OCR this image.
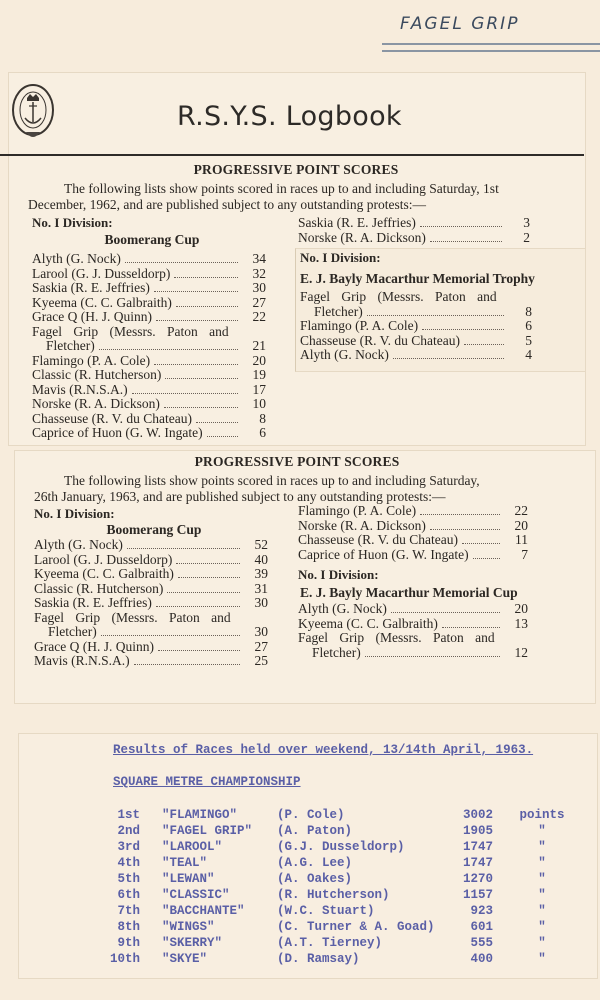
FAGEL GRIP
R.S.Y.S. Logbook
PROGRESSIVE POINT SCORES
The following lists show points scored in races up to and including Saturday, 1st
December, 1962, and are published subject to any outstanding protests:—
No. I Division:
Boomerang Cup
Alyth (G. Nock)	34
Larool (G. J. Dusseldorp)	32
Saskia (R. E. Jeffries)	30
Kyeema (C. C. Galbraith)	27
Grace Q (H. J. Quinn)	22
Fagel Grip (Messrs. Paton and
Fletcher)	21
Flamingo (P. A. Cole)	20
Classic (R. Hutcherson)	19
Mavis (R.N.S.A.)	17
Norske (R. A. Dickson)	10
Chasseuse (R. V. du Chateau)	8
Caprice of Huon (G. W. Ingate)	6
Saskia (R. E. Jeffries)	3
Norske (R. A. Dickson)	2
No. I Division:
E. J. Bayly Macarthur Memorial Trophy
Fagel Grip (Messrs. Paton and
Fletcher)	8
Flamingo (P. A. Cole)	6
Chasseuse (R. V. du Chateau)	5
Alyth (G. Nock)	4
PROGRESSIVE POINT SCORES
The following lists show points scored in races up to and including Saturday,
26th January, 1963, and are published subject to any outstanding protests:—
No. I Division:
Boomerang Cup
Alyth (G. Nock)	52
Larool (G. J. Dusseldorp)	40
Kyeema (C. C. Galbraith)	39
Classic (R. Hutcherson)	31
Saskia (R. E. Jeffries)	30
Fagel Grip (Messrs. Paton and
Fletcher)	30
Grace Q (H. J. Quinn)	27
Mavis (R.N.S.A.)	25
Flamingo (P. A. Cole)	22
Norske (R. A. Dickson)	20
Chasseuse (R. V. du Chateau)	11
Caprice of Huon (G. W. Ingate)	7
No. I Division:
E. J. Bayly Macarthur Memorial Cup
Alyth (G. Nock)	20
Kyeema (C. C. Galbraith)	13
Fagel Grip (Messrs. Paton and
Fletcher)	12
Results of Races held over weekend, 13/14th April, 1963.
SQUARE METRE CHAMPIONSHIP
1st "FLAMINGO"	(P. Cole)	3002	points
2nd "FAGEL GRIP" (A. Paton)	1905	"
3rd "LAROOL"	(G.J. Dusseldorp)	1747	"
4th "TEAL"	(A.G. Lee)	1747	"
5th "LEWAN"	(A. Oakes)	1270	"
6th "CLASSIC"	(R. Hutcherson)	1157	"
7th "BACCHANTE"	(W.C. Stuart)	923	"
8th "WINGS"	(C. Turner & A. Goad)	601	"
9th "SKERRY"	(A.T. Tierney)	555	"
10th "SKYE"	(D. Ramsay)	400	"
